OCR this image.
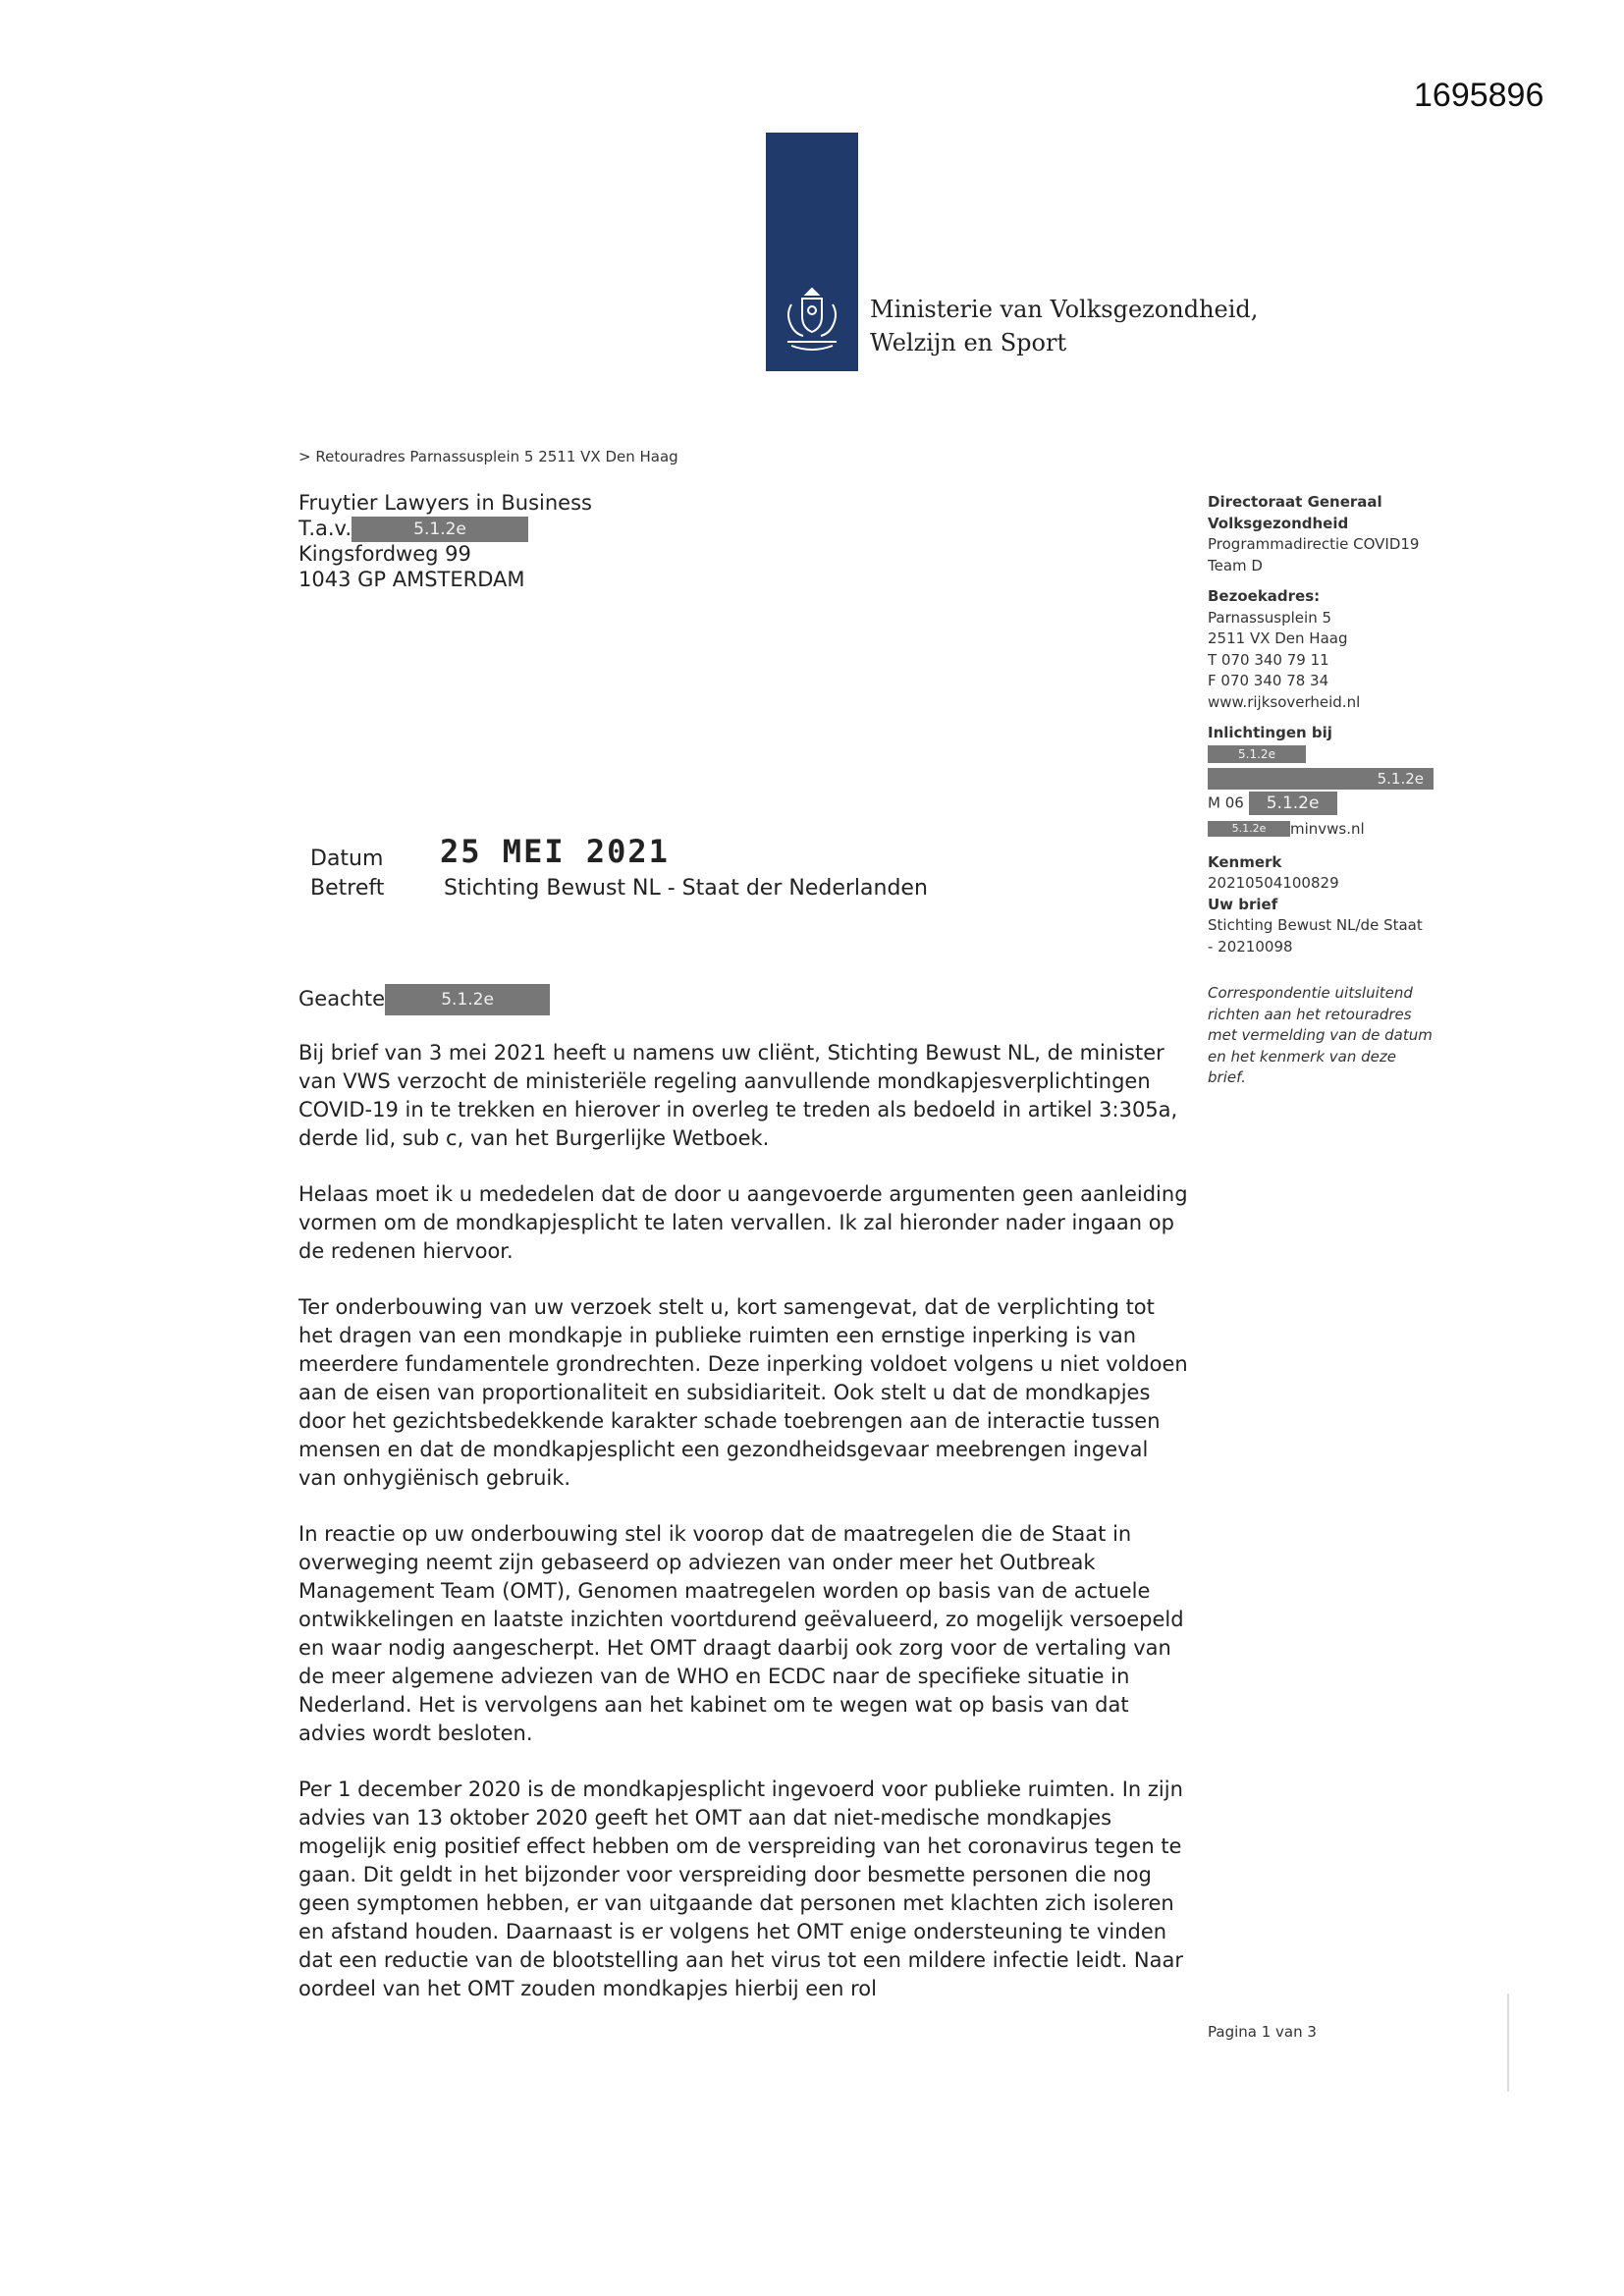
1695896
Ministerie van Volksgezondheid,
Welzijn en Sport
> Retouradres Parnassusplein 5 2511 VX Den Haag
Fruytier Lawyers in Business
T.a.v.	5.1.2e
Kingsfordweg 99
1043 GP AMSTERDAM
Directoraat Generaal
Volksgezondheid
Programmadirectie COVID19
Team D
Bezoekadres:
Parnassusplein 5
2511 VX Den Haag
T 070 340 79 11
F 070 340 78 34
www.rijksoverheid.nl
Inlichtingen bij
5.1.2e
5.1.2e
M 06 5.1.2e
5.1.2e minvws.nl
Kenmerk
20210504100829
Uw brief
Stichting Bewust NL/de Staat
- 20210098
Correspondentie uitsluitend
richten aan het retouradres
met vermelding van de datum
en het kenmerk van deze
brief.
Datum 25 MEI 2021
Betreft	Stichting Bewust NL - Staat der Nederlanden
Geachte	5.1.2e

Bij brief van 3 mei 2021 heeft u namens uw cliënt, Stichting Bewust NL, de minister van VWS verzocht de ministeriële regeling aanvullende mondkapjesverplichtingen COVID-19 in te trekken en hierover in overleg te treden als bedoeld in artikel 3:305a, derde lid, sub c, van het Burgerlijke Wetboek.

Helaas moet ik u mededelen dat de door u aangevoerde argumenten geen aanleiding vormen om de mondkapjesplicht te laten vervallen. Ik zal hieronder nader ingaan op de redenen hiervoor.

Ter onderbouwing van uw verzoek stelt u, kort samengevat, dat de verplichting tot het dragen van een mondkapje in publieke ruimten een ernstige inperking is van meerdere fundamentele grondrechten. Deze inperking voldoet volgens u niet voldoen aan de eisen van proportionaliteit en subsidiariteit. Ook stelt u dat de mondkapjes door het gezichtsbedekkende karakter schade toebrengen aan de interactie tussen mensen en dat de mondkapjesplicht een gezondheidsgevaar meebrengen ingeval van onhygiënisch gebruik.

In reactie op uw onderbouwing stel ik voorop dat de maatregelen die de Staat in overweging neemt zijn gebaseerd op adviezen van onder meer het Outbreak Management Team (OMT), Genomen maatregelen worden op basis van de actuele ontwikkelingen en laatste inzichten voortdurend geëvalueerd, zo mogelijk versoepeld en waar nodig aangescherpt. Het OMT draagt daarbij ook zorg voor de vertaling van de meer algemene adviezen van de WHO en ECDC naar de specifieke situatie in Nederland. Het is vervolgens aan het kabinet om te wegen wat op basis van dat advies wordt besloten.

Per 1 december 2020 is de mondkapjesplicht ingevoerd voor publieke ruimten. In zijn advies van 13 oktober 2020 geeft het OMT aan dat niet-medische mondkapjes mogelijk enig positief effect hebben om de verspreiding van het coronavirus tegen te gaan. Dit geldt in het bijzonder voor verspreiding door besmette personen die nog geen symptomen hebben, er van uitgaande dat personen met klachten zich isoleren en afstand houden. Daarnaast is er volgens het OMT enige ondersteuning te vinden dat een reductie van de blootstelling aan het virus tot een mildere infectie leidt. Naar oordeel van het OMT zouden mondkapjes hierbij een rol

Pagina 1 van 3
